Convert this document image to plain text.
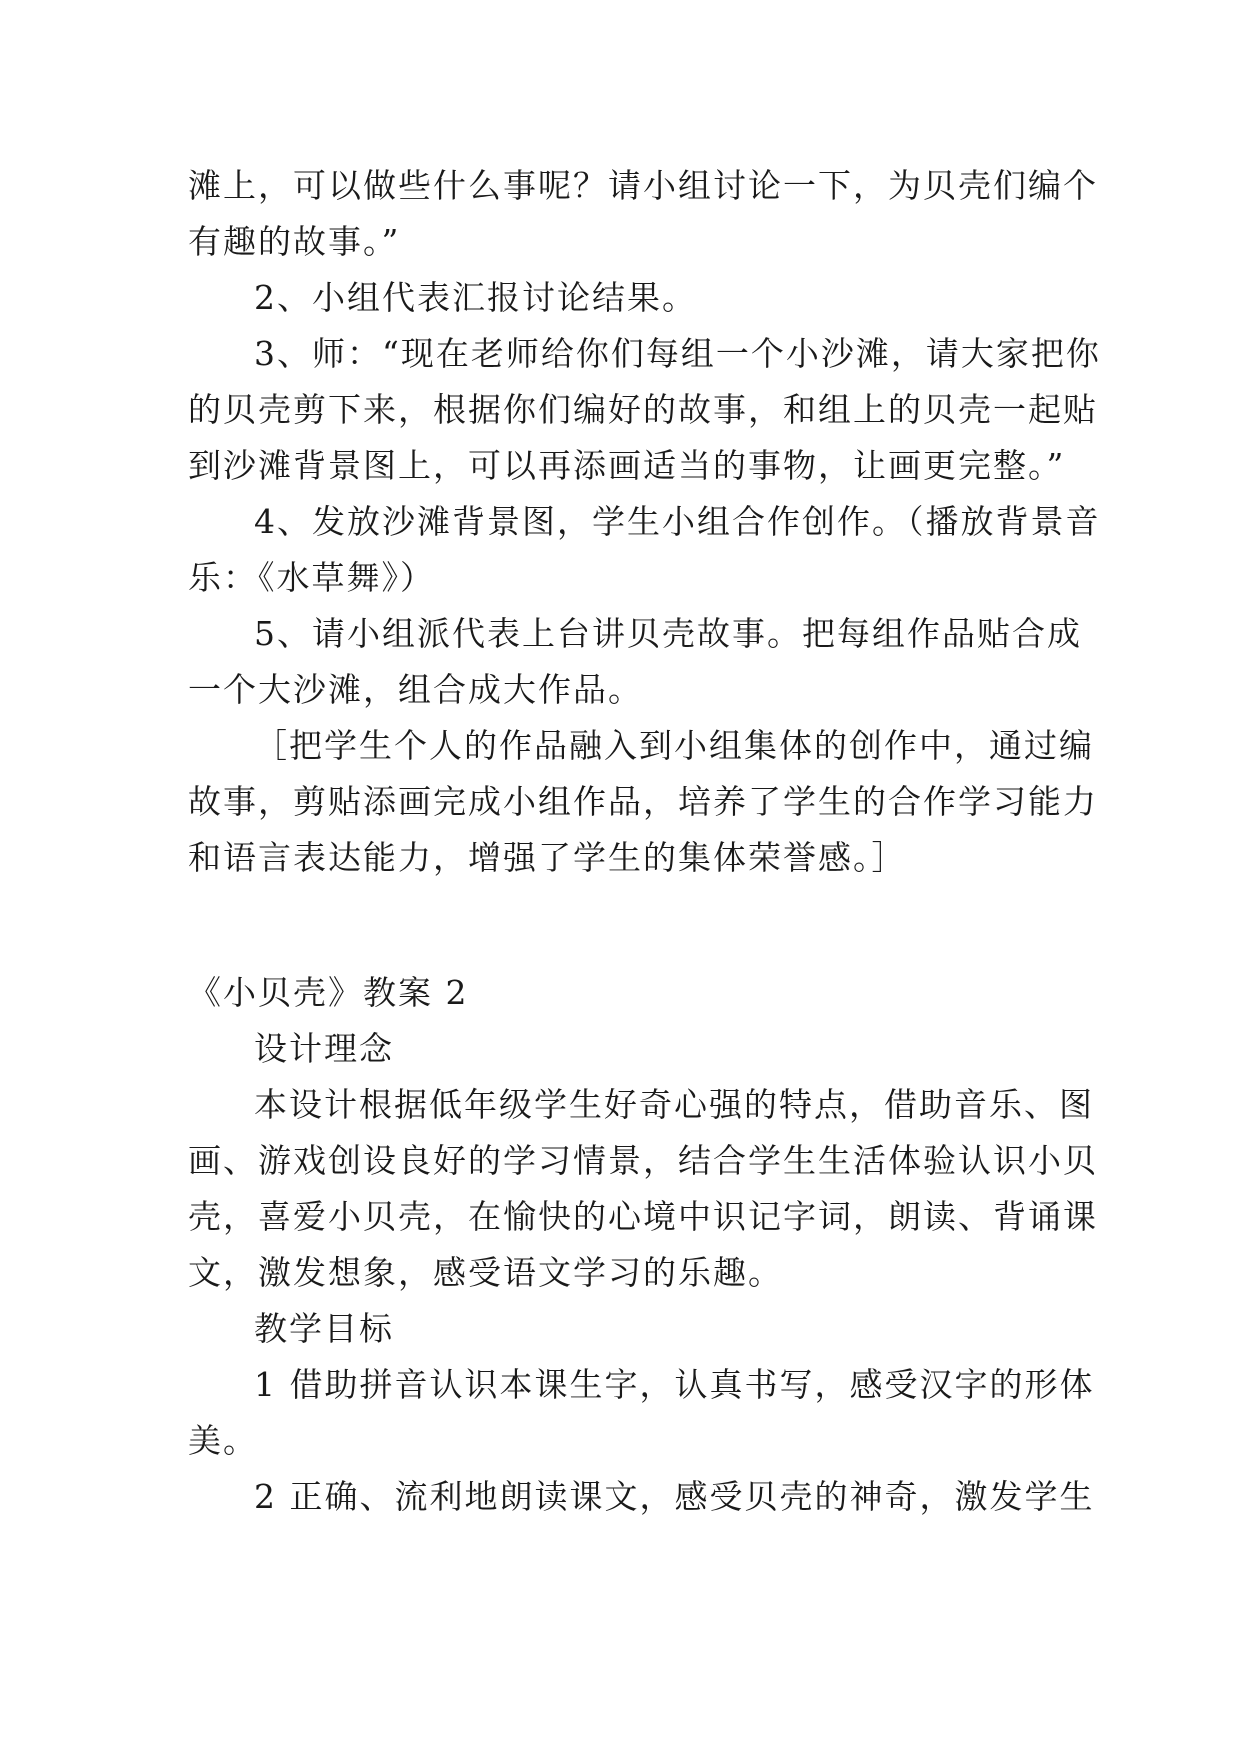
滩上，可以做些什么事呢？请小组讨论一下，为贝壳们编个
有趣的故事。”
2、小组代表汇报讨论结果。
3、师：“现在老师给你们每组一个小沙滩，请大家把你
的贝壳剪下来，根据你们编好的故事，和组上的贝壳一起贴
到沙滩背景图上，可以再添画适当的事物，让画更完整。”
4、发放沙滩背景图，学生小组合作创作。（播放背景音
乐：《水草舞》）
5、请小组派代表上台讲贝壳故事。把每组作品贴合成
一个大沙滩，组合成大作品。
［把学生个人的作品融入到小组集体的创作中，通过编
故事，剪贴添画完成小组作品，培养了学生的合作学习能力
和语言表达能力，增强了学生的集体荣誉感。］
《小贝壳》教案 2
设计理念
本设计根据低年级学生好奇心强的特点，借助音乐、图
画、游戏创设良好的学习情景，结合学生生活体验认识小贝
壳，喜爱小贝壳，在愉快的心境中识记字词，朗读、背诵课
文，激发想象，感受语文学习的乐趣。
教学目标
1 借助拼音认识本课生字，认真书写，感受汉字的形体
美。
2 正确、流利地朗读课文，感受贝壳的神奇，激发学生
